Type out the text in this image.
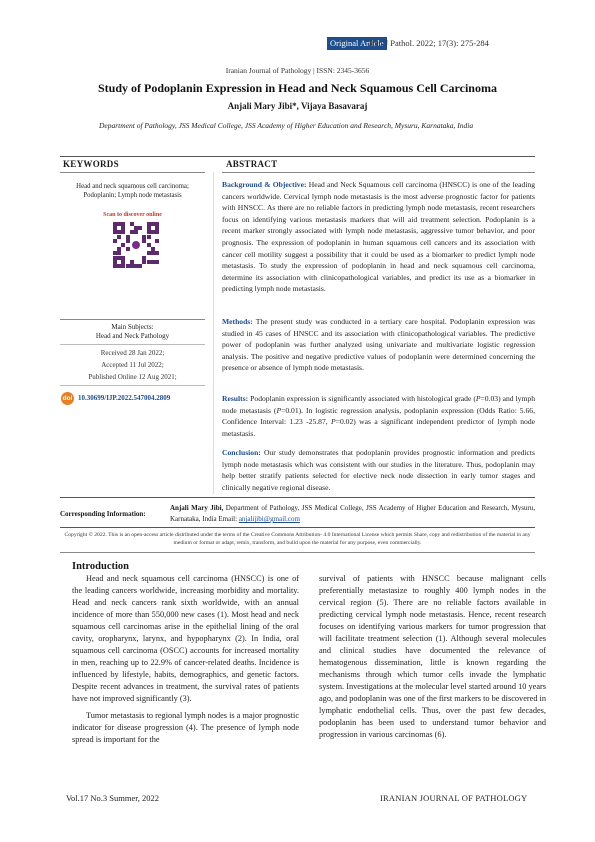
Original Article
Iran J Pathol. 2022; 17(3): 275-284
Iranian Journal of Pathology | ISSN: 2345-3656
Study of Podoplanin Expression in Head and Neck Squamous Cell Carcinoma
Anjali Mary Jibi*, Vijaya Basavaraj
Department of Pathology, JSS Medical College, JSS Academy of Higher Education and Research, Mysuru, Karnataka, India
KEYWORDS	ABSTRACT
Head and neck squamous cell carcinoma; Podoplanin; Lymph node metastasis
Scan to discover online
Main Subjects:
Head and Neck Pathology
Received 28 Jan 2022;
Accepted 11 Jul 2022;
Published Online 12 Aug 2021;
doi 10.30699/IJP.2022.547004.2809
Background & Objective: Head and Neck Squamous cell carcinoma (HNSCC) is one of the leading cancers worldwide. Cervical lymph node metastasis is the most adverse prognostic factor for patients with HNSCC. As there are no reliable factors in predicting lymph node metastasis, recent researchers focus on identifying various metastasis markers that will aid treatment selection. Podoplanin is a recent marker strongly associated with lymph node metastasis, aggressive tumor behavior, and poor prognosis. The expression of podoplanin in human squamous cell cancers and its association with cancer cell motility suggest a possibility that it could be used as a biomarker to predict lymph node metastasis. To study the expression of podoplanin in head and neck squamous cell carcinoma, determine its association with clinicopathological variables, and predict its use as a biomarker in predicting lymph node metastasis.
Methods: The present study was conducted in a tertiary care hospital. Podoplanin expression was studied in 45 cases of HNSCC and its association with clinicopathological variables. The predictive power of podoplanin was further analyzed using univariate and multivariate logistic regression analysis. The positive and negative predictive values of podoplanin were determined concerning the presence or absence of lymph node metastasis.
Results: Podoplanin expression is significantly associated with histological grade (P=0.03) and lymph node metastasis (P=0.01). In logistic regression analysis, podoplanin expression (Odds Ratio: 5.66, Confidence Interval: 1.23 -25.87, P=0.02) was a significant independent predictor of lymph node metastasis.
Conclusion: Our study demonstrates that podoplanin provides prognostic information and predicts lymph node metastasis which was consistent with our studies in the literature. Thus, podoplanin may help better stratify patients selected for elective neck node dissection in early tumor stages and clinically negative regional disease.
Corresponding Information:
Anjali Mary Jibi, Department of Pathology, JSS Medical College, JSS Academy of Higher Education and Research, Mysuru, Karnataka, India Email: anjalijibi@gmail.com
Copyright © 2022. This is an open-access article distributed under the terms of the Creative Commons Attribution- 4.0 International License which permits Share, copy and redistribution of the material in any medium or format or adapt, remix, transform, and build upon the material for any purpose, even commercially.
Introduction

Head and neck squamous cell carcinoma (HNSCC) is one of the leading cancers worldwide, increasing morbidity and mortality. Head and neck cancers rank sixth worldwide, with an annual incidence of more than 550,000 new cases (1). Most head and neck squamous cell carcinomas arise in the epithelial lining of the oral cavity, oropharynx, larynx, and hypopharynx (2). In India, oral squamous cell carcinoma (OSCC) accounts for increased mortality in men, reaching up to 22.9% of cancer-related deaths. Incidence is influenced by lifestyle, habits, demographics, and genetic factors. Despite recent advances in treatment, the survival rates of patients have not improved significantly (3).

Tumor metastasis to regional lymph nodes is a major prognostic indicator for disease progression (4). The presence of lymph node spread is important for the

survival of patients with HNSCC because malignant cells preferentially metastasize to roughly 400 lymph nodes in the cervical region (5). There are no reliable factors available in predicting cervical lymph node metastasis. Hence, recent research focuses on identifying various markers for tumor progression that will facilitate treatment selection (1). Although several molecules and clinical studies have documented the relevance of hematogenous dissemination, little is known regarding the mechanisms through which tumor cells invade the lymphatic system. Investigations at the molecular level started around 10 years ago, and podoplanin was one of the first markers to be discovered in lymphatic endothelial cells. Thus, over the past few decades, podoplanin has been used to understand tumor behavior and progression in various carcinomas (6).

Vol.17 No.3 Summer, 2022	IRANIAN JOURNAL OF PATHOLOGY
